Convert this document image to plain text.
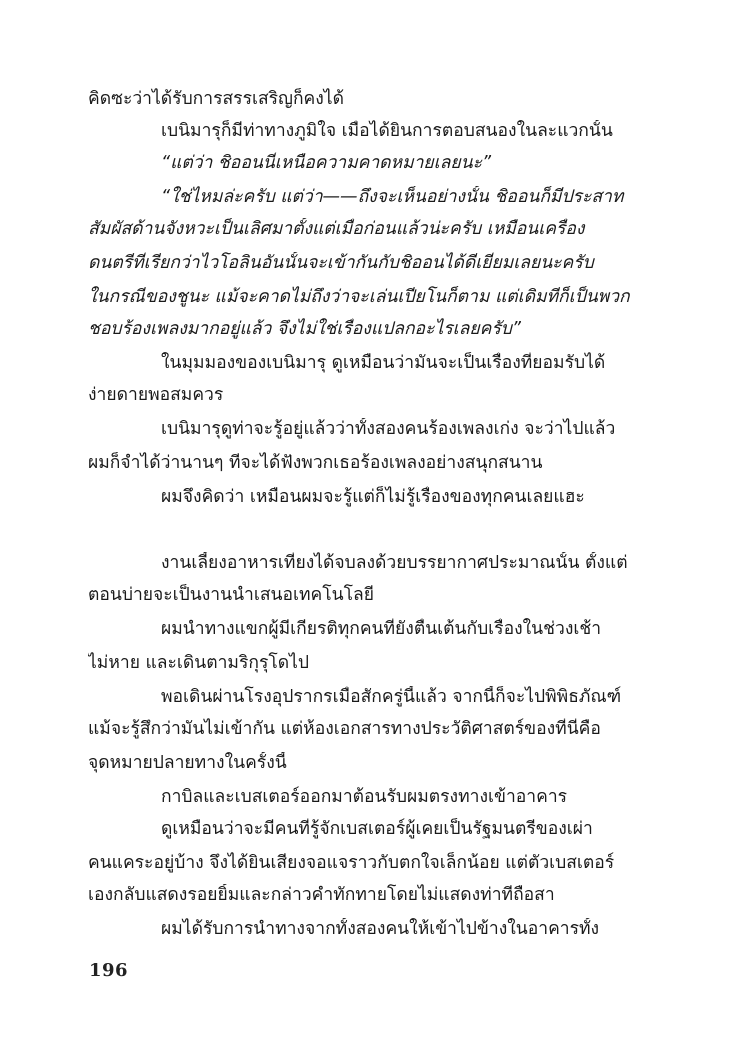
คิดซะว่าได้รับการสรรเสริญก็คงได้
เบนิมารุก็มีท่าทางภูมิใจ เมื่อได้ยินการตอบสนองในละแวกนั้น
“แต่ว่า ชิออนนี่เหนือความคาดหมายเลยนะ”
“ใช่ไหมล่ะครับ แต่ว่า——ถึงจะเห็นอย่างนั้น ชิออนก็มีประสาท
สัมผัสด้านจังหวะเป็นเลิศมาตั้งแต่เมื่อก่อนแล้วน่ะครับ เหมือนเครื่อง
ดนตรีที่เรียกว่าไวโอลินอันนั้นจะเข้ากันกับชิออนได้ดีเยี่ยมเลยนะครับ
ในกรณีของชูนะ แม้จะคาดไม่ถึงว่าจะเล่นเปียโนก็ตาม แต่เดิมทีก็เป็นพวก
ชอบร้องเพลงมากอยู่แล้ว จึงไม่ใช่เรื่องแปลกอะไรเลยครับ”
ในมุมมองของเบนิมารุ ดูเหมือนว่ามันจะเป็นเรื่องที่ยอมรับได้
ง่ายดายพอสมควร
เบนิมารุดูท่าจะรู้อยู่แล้วว่าทั้งสองคนร้องเพลงเก่ง จะว่าไปแล้ว
ผมก็จำได้ว่านานๆ ทีจะได้ฟังพวกเธอร้องเพลงอย่างสนุกสนาน
ผมจึงคิดว่า เหมือนผมจะรู้แต่ก็ไม่รู้เรื่องของทุกคนเลยแฮะ
งานเลี้ยงอาหารเที่ยงได้จบลงด้วยบรรยากาศประมาณนั้น ตั้งแต่
ตอนบ่ายจะเป็นงานนำเสนอเทคโนโลยี
ผมนำทางแขกผู้มีเกียรติทุกคนที่ยังตื่นเต้นกับเรื่องในช่วงเช้า
ไม่หาย และเดินตามริกุรุโดไป
พอเดินผ่านโรงอุปรากรเมื่อสักครู่นี้แล้ว จากนี้ก็จะไปพิพิธภัณฑ์
แม้จะรู้สึกว่ามันไม่เข้ากัน แต่ห้องเอกสารทางประวัติศาสตร์ของที่นี่คือ
จุดหมายปลายทางในครั้งนี้
กาบิลและเบสเตอร์ออกมาต้อนรับผมตรงทางเข้าอาคาร
ดูเหมือนว่าจะมีคนที่รู้จักเบสเตอร์ผู้เคยเป็นรัฐมนตรีของเผ่า
คนแคระอยู่บ้าง จึงได้ยินเสียงจอแจราวกับตกใจเล็กน้อย แต่ตัวเบสเตอร์
เองกลับแสดงรอยยิ้มและกล่าวคำทักทายโดยไม่แสดงท่าทีถือสา
ผมได้รับการนำทางจากทั้งสองคนให้เข้าไปข้างในอาคารทั้ง
196
